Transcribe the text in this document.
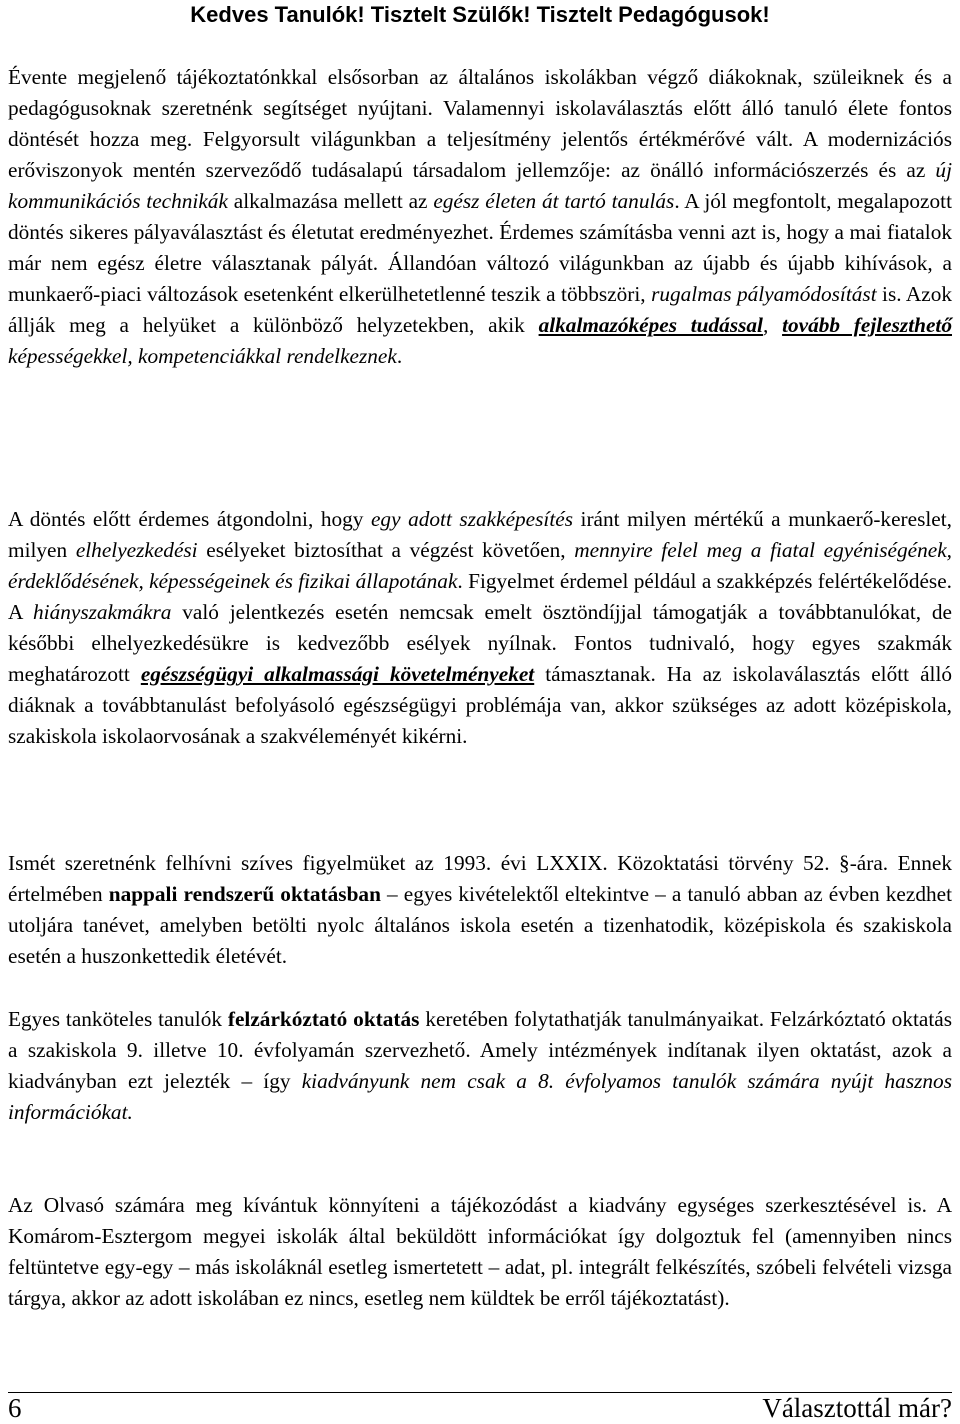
Kedves Tanulók! Tisztelt Szülők! Tisztelt Pedagógusok!

Évente megjelenő tájékoztatónkkal elsősorban az általános iskolákban végző diákoknak, szüleiknek és a pedagógusoknak szeretnénk segítséget nyújtani. Valamennyi iskolaválasztás előtt álló tanuló élete fontos döntését hozza meg. Felgyorsult világunkban a teljesítmény jelentős értékmérővé vált. A modernizációs erőviszonyok mentén szerveződő tudásalapú társadalom jellemzője: az önálló információszerzés és az új kommunikációs technikák alkalmazása mellett az egész életen át tartó tanulás. A jól megfontolt, megalapozott döntés sikeres pályaválasztást és életutat eredményezhet. Érdemes számításba venni azt is, hogy a mai fiatalok már nem egész életre választanak pályát. Állandóan változó világunkban az újabb és újabb kihívások, a munkaerő-piaci változások esetenként elkerülhetetlenné teszik a többszöri, rugalmas pályamódosítást is. Azok állják meg a helyüket a különböző helyzetekben, akik alkalmazóképes tudással, tovább fejleszthető képességekkel, kompetenciákkal rendelkeznek.

A döntés előtt érdemes átgondolni, hogy egy adott szakképesítés iránt milyen mértékű a munkaerő-kereslet, milyen elhelyezkedési esélyeket biztosíthat a végzést követően, mennyire felel meg a fiatal egyéniségének, érdeklődésének, képességeinek és fizikai állapotának. Figyelmet érdemel például a szakképzés felértékelődése. A hiányszakmákra való jelentkezés esetén nemcsak emelt ösztöndíjjal támogatják a továbbtanulókat, de későbbi elhelyezkedésükre is kedvezőbb esélyek nyílnak. Fontos tudnivaló, hogy egyes szakmák meghatározott egészségügyi alkalmassági követelményeket támasztanak. Ha az iskolaválasztás előtt álló diáknak a továbbtanulást befolyásoló egészségügyi problémája van, akkor szükséges az adott középiskola, szakiskola iskolaorvosának a szakvéleményét kikérni.

Ismét szeretnénk felhívni szíves figyelmüket az 1993. évi LXXIX. Közoktatási törvény 52. §-ára. Ennek értelmében nappali rendszerű oktatásban – egyes kivételektől eltekintve – a tanuló abban az évben kezdhet utoljára tanévet, amelyben betölti nyolc általános iskola esetén a tizenhatodik, középiskola és szakiskola esetén a huszonkettedik életévét.

Egyes tanköteles tanulók felzárkóztató oktatás keretében folytathatják tanulmányaikat. Felzárkóztató oktatás a szakiskola 9. illetve 10. évfolyamán szervezhető. Amely intézmények indítanak ilyen oktatást, azok a kiadványban ezt jelezték – így kiadványunk nem csak a 8. évfolyamos tanulók számára nyújt hasznos információkat.

Az Olvasó számára meg kívántuk könnyíteni a tájékozódást a kiadvány egységes szerkesztésével is. A Komárom-Esztergom megyei iskolák által beküldött információkat így dolgoztuk fel (amennyiben nincs feltüntetve egy-egy – más iskoláknál esetleg ismertetett – adat, pl. integrált felkészítés, szóbeli felvételi vizsga tárgya, akkor az adott iskolában ez nincs, esetleg nem küldtek be erről tájékoztatást).

6	Választottál már?
